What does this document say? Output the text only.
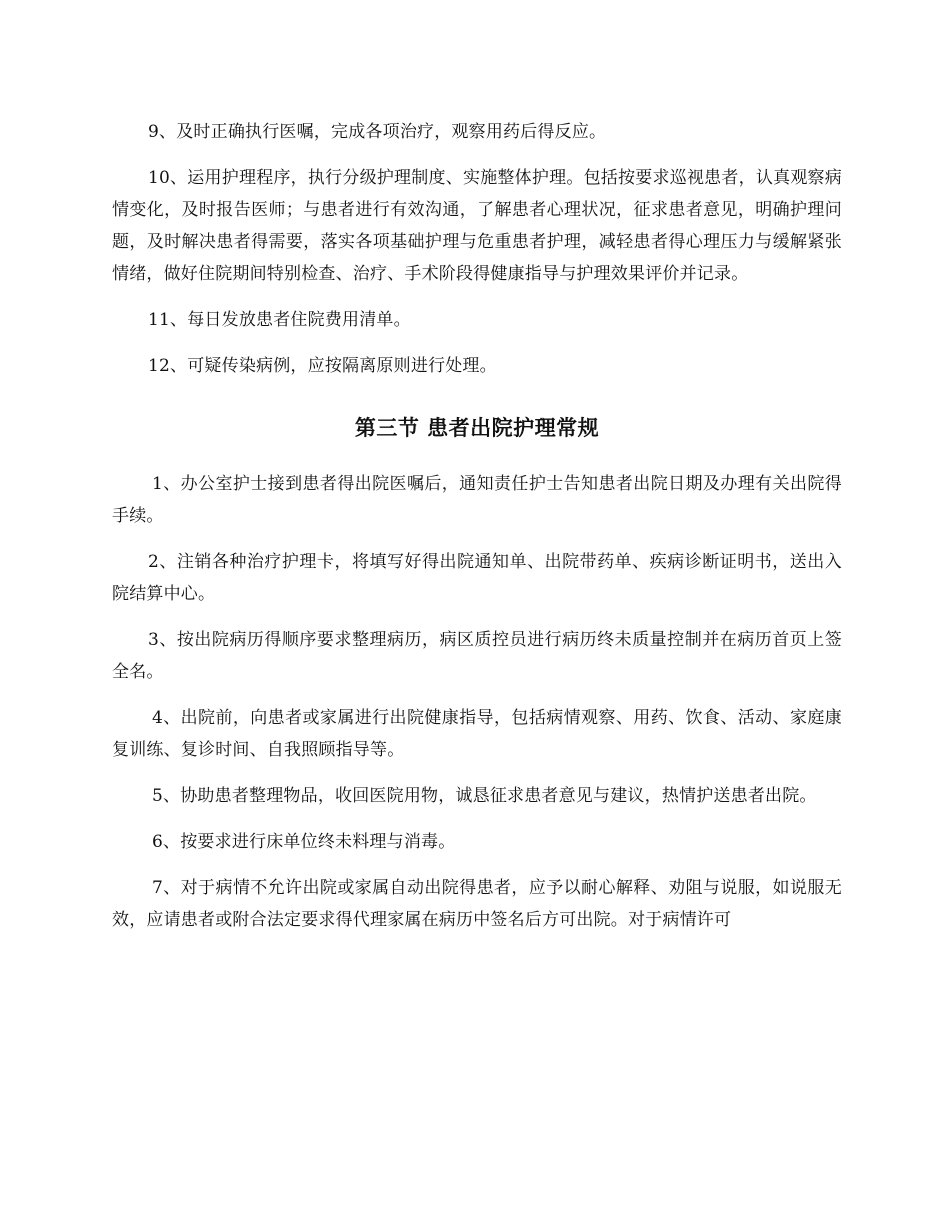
9、及时正确执行医嘱，完成各项治疗，观察用药后得反应。

10、运用护理程序，执行分级护理制度、实施整体护理。包括按要求巡视患者，认真观察病情变化，及时报告医师；与患者进行有效沟通，了解患者心理状况，征求患者意见，明确护理问题，及时解决患者得需要，落实各项基础护理与危重患者护理，减轻患者得心理压力与缓解紧张情绪，做好住院期间特别检查、治疗、手术阶段得健康指导与护理效果评价并记录。

11、每日发放患者住院费用清单。

12、可疑传染病例，应按隔离原则进行处理。

第三节 患者出院护理常规

1、办公室护士接到患者得出院医嘱后，通知责任护士告知患者出院日期及办理有关出院得手续。

2、注销各种治疗护理卡，将填写好得出院通知单、出院带药单、疾病诊断证明书，送出入院结算中心。

3、按出院病历得顺序要求整理病历，病区质控员进行病历终未质量控制并在病历首页上签全名。

4、出院前，向患者或家属进行出院健康指导，包括病情观察、用药、饮食、活动、家庭康复训练、复诊时间、自我照顾指导等。

5、协助患者整理物品，收回医院用物，诚恳征求患者意见与建议，热情护送患者出院。

6、按要求进行床单位终未料理与消毒。

7、对于病情不允许出院或家属自动出院得患者，应予以耐心解释、劝阻与说服，如说服无效，应请患者或附合法定要求得代理家属在病历中签名后方可出院。对于病情许可
